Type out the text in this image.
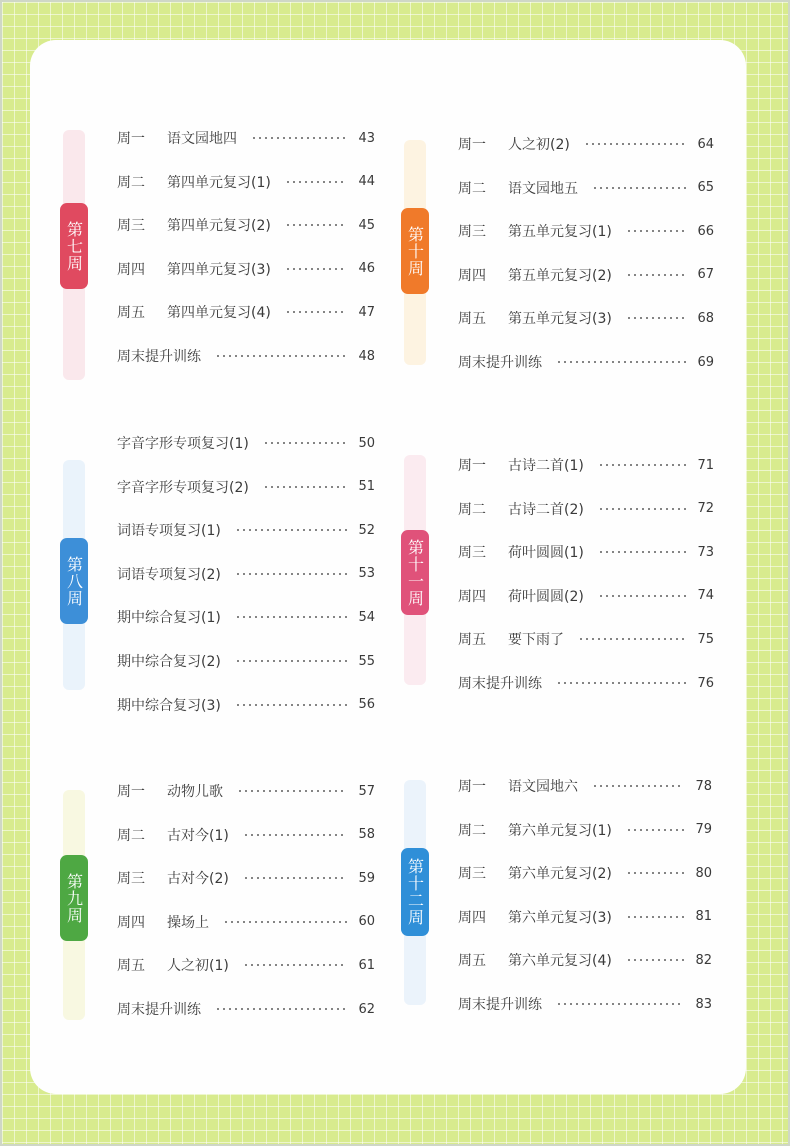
第七周
周一	语文园地四	43
周二	第四单元复习(1)	44
周三	第四单元复习(2)	45
周四	第四单元复习(3)	46
周五	第四单元复习(4)	47
周末提升训练	48
第八周
字音字形专项复习(1)	50
字音字形专项复习(2)	51
词语专项复习(1)	52
词语专项复习(2)	53
期中综合复习(1)	54
期中综合复习(2)	55
期中综合复习(3)	56
第九周
周一	动物儿歌	57
周二	古对今(1)	58
周三	古对今(2)	59
周四	操场上	60
周五	人之初(1)	61
周末提升训练	62
第十周
周一	人之初(2)	64
周二	语文园地五	65
周三	第五单元复习(1)	66
周四	第五单元复习(2)	67
周五	第五单元复习(3)	68
周末提升训练	69
第十一周
周一	古诗二首(1)	71
周二	古诗二首(2)	72
周三	荷叶圆圆(1)	73
周四	荷叶圆圆(2)	74
周五	要下雨了	75
周末提升训练	76
第十二周
周一	语文园地六	78
周二	第六单元复习(1)	79
周三	第六单元复习(2)	80
周四	第六单元复习(3)	81
周五	第六单元复习(4)	82
周末提升训练	83
